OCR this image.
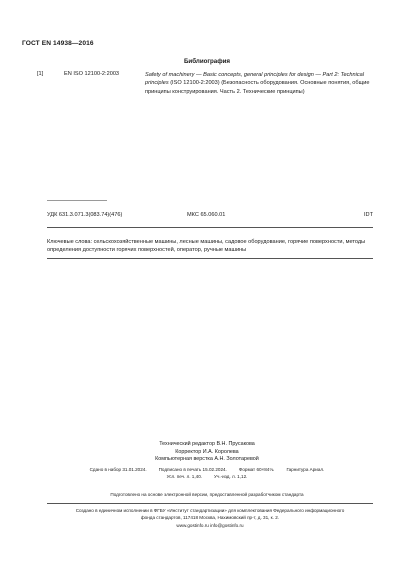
ГОСТ EN 14938—2016
Библиография
[1]	EN ISO 12100-2:2003	Safety of machinery — Basic concepts, general principles for design — Part 2: Technical principles (ISO 12100-2:2003) (Безопасность оборудования. Основные понятия, общие принципы конструирования. Часть 2. Технические принципы)
УДК 631.3.071.3(083.74)(476)	МКС 65.060.01	IDT
Ключевые слова: сельскохозяйственные машины, лесные машины, садовое оборудование, горячие поверхности, методы определения доступности горячих поверхностей, оператор, ручные машины
Технический редактор В.Н. Прусакова
Корректор И.А. Королева
Компьютерная верстка А.Н. Золотаревой
Сдано в набор 31.01.2024.	Подписано в печать 15.02.2024.	Формат 60×84⅛.	Гарнитура Ариал.
Усл. печ. л. 1,40.	Уч.-изд. л. 1,12.
Подготовлено на основе электронной версии, предоставленной разработчиком стандарта
Создано в единичном исполнении в ФГБУ «Институт стандартизации» для комплектования Федерального информационного
фонда стандартов, 117418 Москва, Нахимовский пр-т, д. 31, к. 2.
www.gostinfo.ru info@gostinfo.ru
